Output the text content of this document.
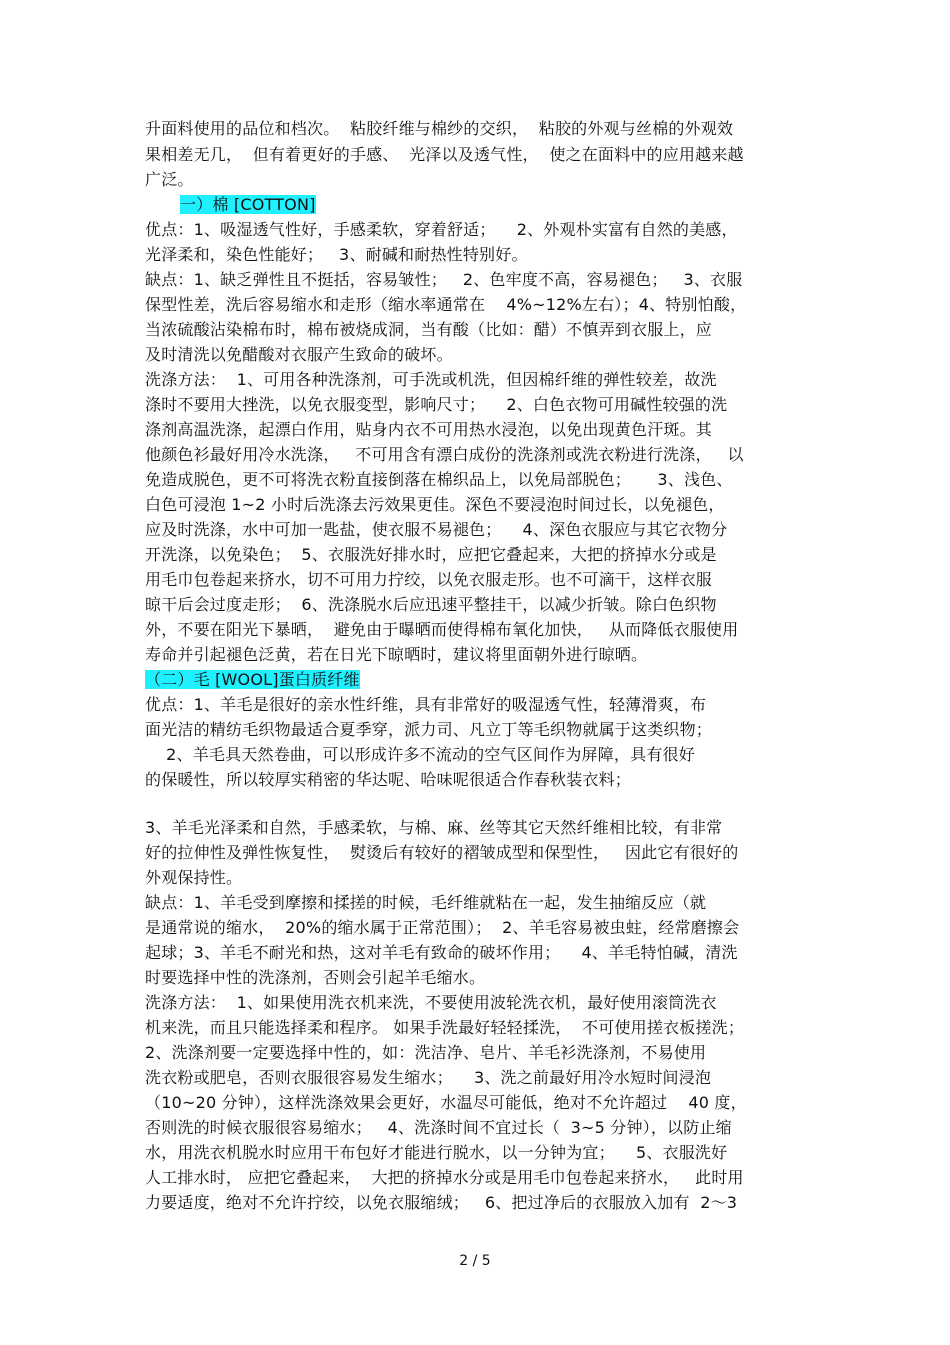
升面料使用的品位和档次。  粘胶纤维与棉纱的交织，  粘胶的外观与丝棉的外观效
果相差无几，  但有着更好的手感、  光泽以及透气性，  使之在面料中的应用越来越
广泛。
一）棉 [COTTON]
优点：1、吸湿透气性好，手感柔软，穿着舒适；    2、外观朴实富有自然的美感，
光泽柔和，染色性能好；   3、耐碱和耐热性特别好。
缺点：1、缺乏弹性且不挺括，容易皱性；   2、色牢度不高，容易褪色；   3、衣服
保型性差，洗后容易缩水和走形（缩水率通常在    4%~12%左右）；4、特别怕酸，
当浓硫酸沾染棉布时，棉布被烧成洞，当有酸（比如：醋）不慎弄到衣服上，应
及时清洗以免醋酸对衣服产生致命的破坏。
洗涤方法：  1、可用各种洗涤剂，可手洗或机洗，但因棉纤维的弹性较差，故洗
涤时不要用大挫洗，以免衣服变型，影响尺寸；    2、白色衣物可用碱性较强的洗
涤剂高温洗涤，起漂白作用，贴身内衣不可用热水浸泡，以免出现黄色汗斑。其
他颜色衫最好用冷水洗涤，   不可用含有漂白成份的洗涤剂或洗衣粉进行洗涤，   以
免造成脱色，更不可将洗衣粉直接倒落在棉织品上，以免局部脱色；     3、浅色、
白色可浸泡 1~2 小时后洗涤去污效果更佳。深色不要浸泡时间过长，以免褪色，
应及时洗涤，水中可加一匙盐，使衣服不易褪色；    4、深色衣服应与其它衣物分
开洗涤，以免染色；  5、衣服洗好排水时，应把它叠起来，大把的挤掉水分或是
用毛巾包卷起来挤水，切不可用力拧绞，以免衣服走形。也不可滴干，这样衣服
晾干后会过度走形；  6、洗涤脱水后应迅速平整挂干，以减少折皱。除白色织物
外，不要在阳光下暴晒，  避免由于曝晒而使得棉布氧化加快，   从而降低衣服使用
寿命并引起褪色泛黄，若在日光下晾晒时，建议将里面朝外进行晾晒。
（二）毛 [WOOL]蛋白质纤维
优点：1、羊毛是很好的亲水性纤维，具有非常好的吸湿透气性，轻薄滑爽，布
面光洁的精纺毛织物最适合夏季穿，派力司、凡立丁等毛织物就属于这类织物；
2、羊毛具天然卷曲，可以形成许多不流动的空气区间作为屏障，具有很好
的保暖性，所以较厚实稍密的华达呢、哈味呢很适合作春秋装衣料；
3、羊毛光泽柔和自然，手感柔软，与棉、麻、丝等其它天然纤维相比较，有非常
好的拉伸性及弹性恢复性，  熨烫后有较好的褶皱成型和保型性，   因此它有很好的
外观保持性。
缺点：1、羊毛受到摩擦和揉搓的时候，毛纤维就粘在一起，发生抽缩反应（就
是通常说的缩水，  20%的缩水属于正常范围）；  2、羊毛容易被虫蛀，经常磨擦会
起球；3、羊毛不耐光和热，这对羊毛有致命的破坏作用；    4、羊毛特怕碱，清洗
时要选择中性的洗涤剂，否则会引起羊毛缩水。
洗涤方法：  1、如果使用洗衣机来洗，不要使用波轮洗衣机，最好使用滚筒洗衣
机来洗，而且只能选择柔和程序。 如果手洗最好轻轻揉洗，  不可使用搓衣板搓洗；
2、洗涤剂要一定要选择中性的，如：洗洁净、皂片、羊毛衫洗涤剂，不易使用
洗衣粉或肥皂，否则衣服很容易发生缩水；    3、洗之前最好用冷水短时间浸泡
（10~20 分钟），这样洗涤效果会更好，水温尽可能低，绝对不允许超过    40 度，
否则洗的时候衣服很容易缩水；   4、洗涤时间不宜过长（  3~5 分钟），以防止缩
水，用洗衣机脱水时应用干布包好才能进行脱水，以一分钟为宜；    5、衣服洗好
人工排水时， 应把它叠起来，  大把的挤掉水分或是用毛巾包卷起来挤水，   此时用
力要适度，绝对不允许拧绞，以免衣服缩绒；   6、把过净后的衣服放入加有  2～3
2 / 5
